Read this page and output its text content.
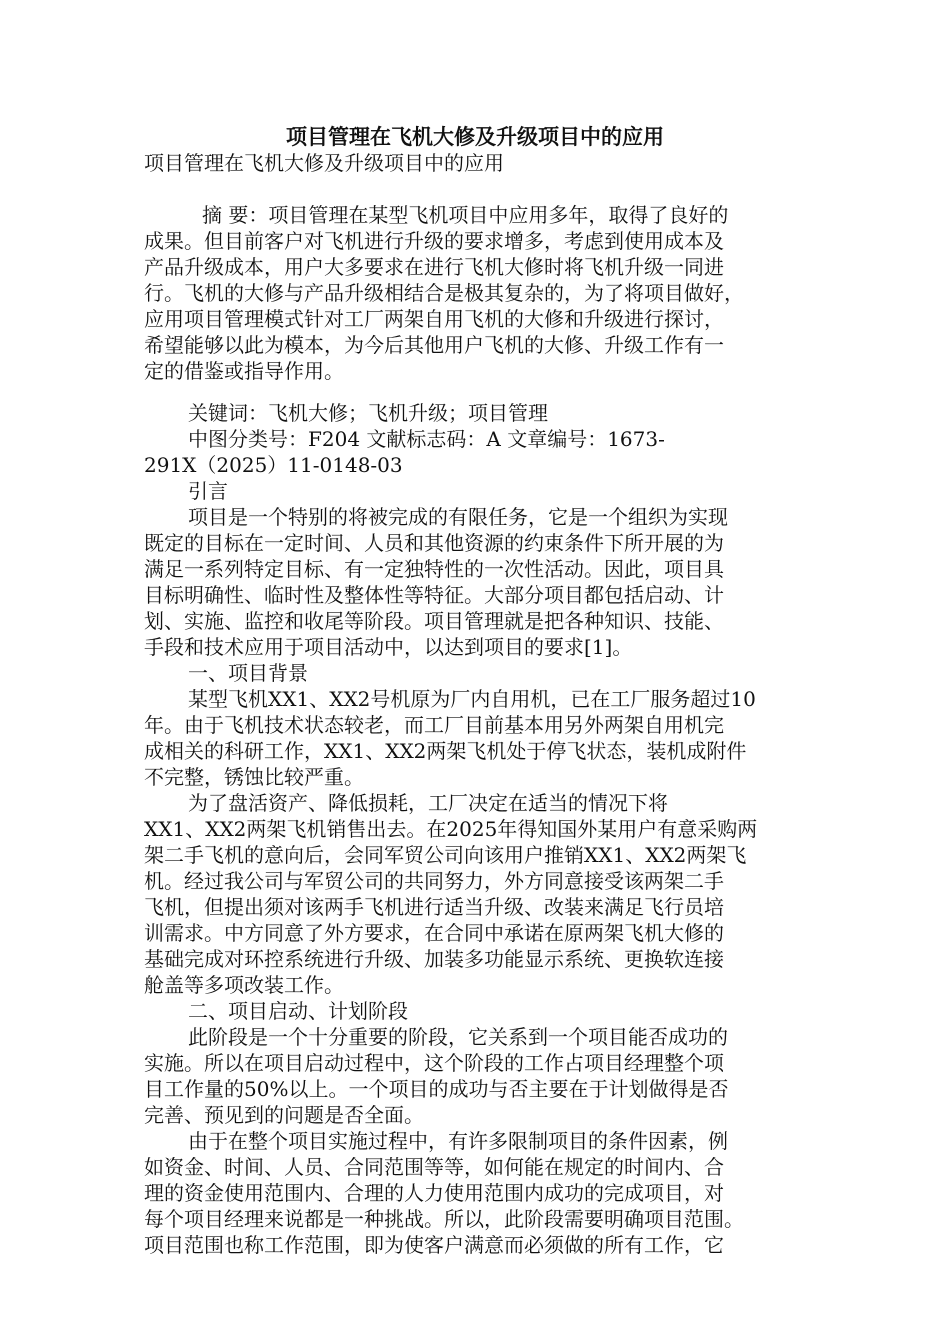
项目管理在飞机大修及升级项目中的应用
项目管理在飞机大修及升级项目中的应用
摘 要：项目管理在某型飞机项目中应用多年，取得了良好的
成果。但目前客户对飞机进行升级的要求增多，考虑到使用成本及
产品升级成本，用户大多要求在进行飞机大修时将飞机升级一同进
行。飞机的大修与产品升级相结合是极其复杂的，为了将项目做好，
应用项目管理模式针对工厂两架自用飞机的大修和升级进行探讨，
希望能够以此为模本，为今后其他用户飞机的大修、升级工作有一
定的借鉴或指导作用。
关键词：飞机大修；飞机升级；项目管理
中图分类号：F204 文献标志码：A 文章编号：1673-
291X（2025）11-0148-03
引言
项目是一个特别的将被完成的有限任务，它是一个组织为实现
既定的目标在一定时间、人员和其他资源的约束条件下所开展的为
满足一系列特定目标、有一定独特性的一次性活动。因此，项目具
目标明确性、临时性及整体性等特征。大部分项目都包括启动、计
划、实施、监控和收尾等阶段。项目管理就是把各种知识、技能、
手段和技术应用于项目活动中，以达到项目的要求[1]。
一、项目背景
某型飞机XX1、XX2号机原为厂内自用机，已在工厂服务超过10
年。由于飞机技术状态较老，而工厂目前基本用另外两架自用机完
成相关的科研工作，XX1、XX2两架飞机处于停飞状态，装机成附件
不完整，锈蚀比较严重。
为了盘活资产、降低损耗，工厂决定在适当的情况下将
XX1、XX2两架飞机销售出去。在2025年得知国外某用户有意采购两
架二手飞机的意向后，会同军贸公司向该用户推销XX1、XX2两架飞
机。经过我公司与军贸公司的共同努力，外方同意接受该两架二手
飞机，但提出须对该两手飞机进行适当升级、改装来满足飞行员培
训需求。中方同意了外方要求，在合同中承诺在原两架飞机大修的
基础完成对环控系统进行升级、加装多功能显示系统、更换软连接
舱盖等多项改装工作。
二、项目启动、计划阶段
此阶段是一个十分重要的阶段，它关系到一个项目能否成功的
实施。所以在项目启动过程中，这个阶段的工作占项目经理整个项
目工作量的50%以上。一个项目的成功与否主要在于计划做得是否
完善、预见到的问题是否全面。
由于在整个项目实施过程中，有许多限制项目的条件因素，例
如资金、时间、人员、合同范围等等，如何能在规定的时间内、合
理的资金使用范围内、合理的人力使用范围内成功的完成项目，对
每个项目经理来说都是一种挑战。所以，此阶段需要明确项目范围。
项目范围也称工作范围，即为使客户满意而必须做的所有工作，它
